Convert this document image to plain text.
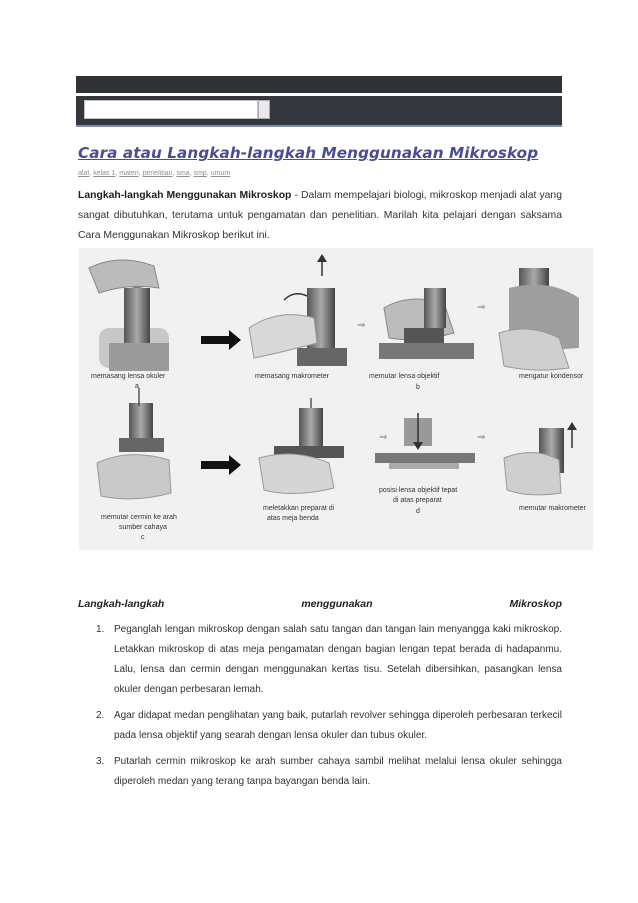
Cara atau Langkah-langkah Menggunakan Mikroskop
alat, kelas 1, materi, penelitian, sma, smp, umum

Langkah-langkah Menggunakan Mikroskop - Dalam mempelajari biologi, mikroskop menjadi alat yang sangat dibutuhkan, terutama untuk pengamatan dan penelitian. Marilah kita pelajari dengan saksama Cara Menggunakan Mikroskop berikut ini.

⇒
⇒
memasang lensa okuler
a
memasang makrometer	memutar lensa objektif
b
mengatur kondensor
⇒	⇒
memutar cermin ke arah
sumber cahaya
c
meletakkan preparat di
atas meja benda
posisi lensa objektif tepat
di atas preparat
d	memutar makrometer
Langkah-langkah	menggunakan	Mikroskop
1. Peganglah lengan mikroskop dengan salah satu tangan dan tangan lain menyangga kaki mikroskop. Letakkan mikroskop di atas meja pengamatan dengan bagian lengan tepat berada di hadapanmu. Lalu, lensa dan cermin dengan menggunakan kertas tisu. Setelah dibersihkan, pasangkan lensa okuler dengan perbesaran lemah.
2. Agar didapat medan penglihatan yang baik, putarlah revolver sehingga diperoleh perbesaran terkecil pada lensa objektif yang searah dengan lensa okuler dan tubus okuler.
3. Putarlah cermin mikroskop ke arah sumber cahaya sambil melihat melalui lensa okuler sehingga diperoleh medan yang terang tanpa bayangan benda lain.
